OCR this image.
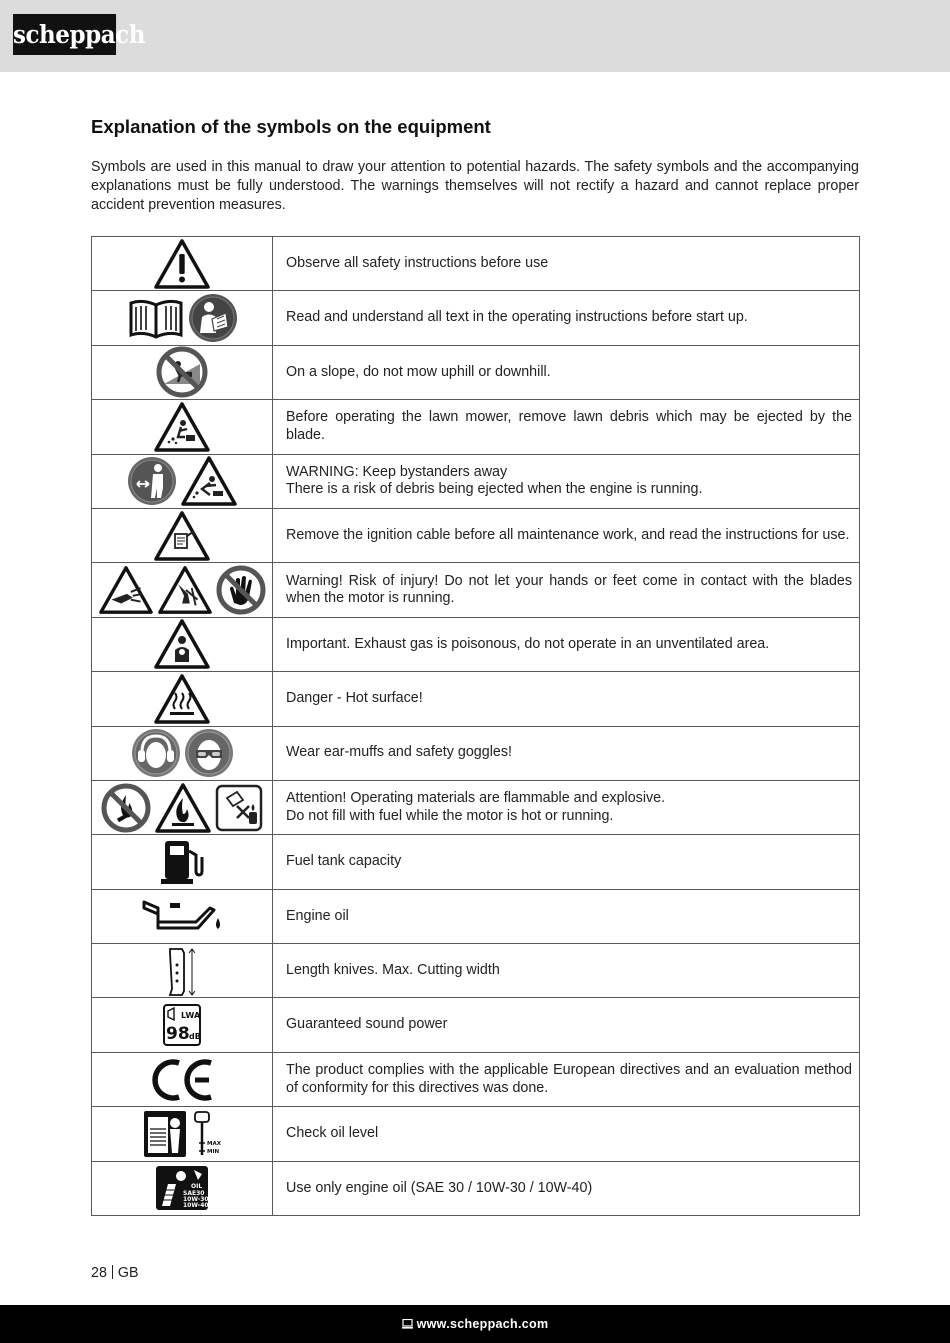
scheppach
Explanation of the symbols on the equipment

Symbols are used in this manual to draw your attention to potential hazards. The safety symbols and the accompanying explanations must be fully understood. The warnings themselves will not rectify a hazard and cannot replace proper accident prevention measures.

Observe all safety instructions before use

Read and understand all text in the operating instructions before start up.

On a slope, do not mow uphill or downhill.

Before operating the lawn mower, remove lawn debris which may be ejected by the blade.

WARNING: Keep bystanders away
There is a risk of debris being ejected when the engine is running.

Remove the ignition cable before all maintenance work, and read the instructions for use.

Warning! Risk of injury! Do not let your hands or feet come in contact with the blades when the motor is running.

Important. Exhaust gas is poisonous, do not operate in an unventilated area.

Danger - Hot surface!

Wear ear-muffs and safety goggles!

Attention! Operating materials are flammable and explosive.
Do not fill with fuel while the motor is hot or running.

Fuel tank capacity

Engine oil

Length knives. Max. Cutting width

LWA
98 dB	Guaranteed sound power

The product complies with the applicable European directives and an evaluation method of conformity for this directives was done.

MAX
MIN	Check oil level

OIL
SAE30
10W-30
10W-40	Use only engine oil (SAE 30 / 10W-30 / 10W-40)
28 GB
www.scheppach.com
